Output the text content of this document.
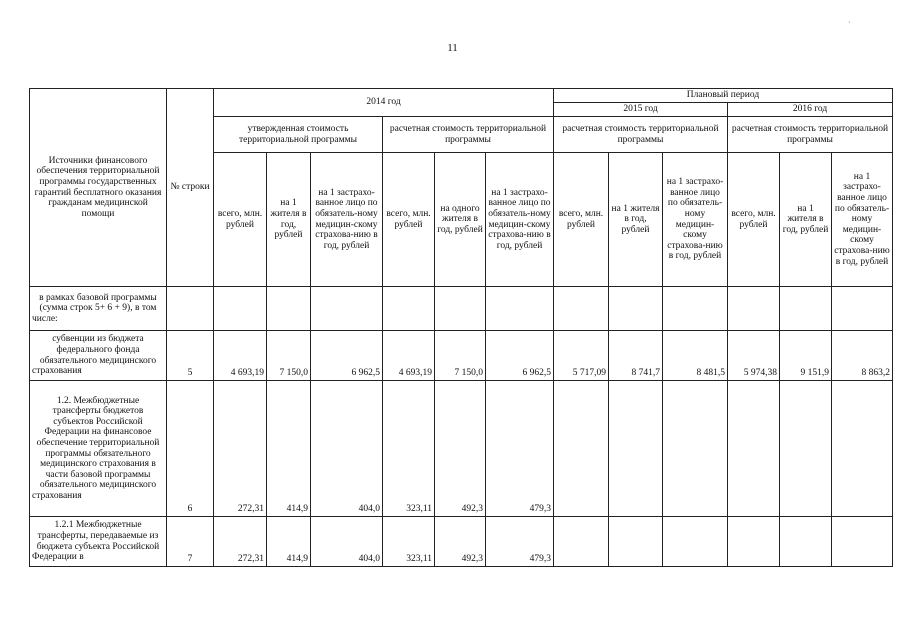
·
11
Источники финансового обеспечения территориальной программы государственных гарантий бесплатного оказания гражданам медицинской помощи	№ строки	2014 год						Плановый период					
								2015 год			2016 год		
		утвержденная стоимость территориальной программы			расчетная стоимость территориальной программы			расчетная стоимость территориальной программы			расчетная стоимость территориальной программы		
		всего, млн. рублей	на 1 жителя в год, рублей	на 1 застрахо-ванное лицо по обязатель-ному медицин-скому страхова-нию в год, рублей	всего, млн. рублей	на одного жителя в год, рублей	на 1 застрахо-ванное лицо по обязатель-ному медицин-скому страхова-нию в год, рублей	всего, млн. рублей	на 1 жителя в год, рублей	на 1 застрахо-ванное лицо по обязатель-ному медицин-скому страхова-нию в год, рублей	всего, млн. рублей	на 1 жителя в год, рублей	на 1 застрахо-ванное лицо по обязатель-ному медицин-скому страхова-нию в год, рублей

в рамках базовой программы (сумма строк 5+ 6 + 9), в том числе:													
субвенции из бюджета федерального фонда обязательного медицинского страхования	5	4 693,19	7 150,0	6 962,5	4 693,19	7 150,0	6 962,5	5 717,09	8 741,7	8 481,5	5 974,38	9 151,9	8 863,2
1.2. Межбюджетные трансферты бюджетов субъектов Российской Федерации на финансовое обеспечение территориальной программы обязательного медицинского страхования в части базовой программы обязательного медицинского страхования	6	272,31	414,9	404,0	323,11	492,3	479,3						
1.2.1 Межбюджетные трансферты, передаваемые из бюджета субъекта Российской Федерации в	7	272,31	414,9	404,0	323,11	492,3	479,3						
